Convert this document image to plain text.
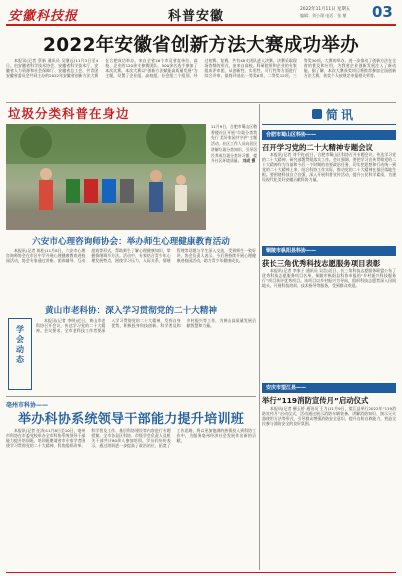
安徽科技报	科普安徽	2022年11月11日 星期五
编辑：刘小翔 电话：张 鼎 03
2022年安徽省创新方法大赛成功举办

本报讯(记者 蔡新 通讯员 吴继远)11月3日至4日，由安徽省科学技术协会、安徽省科学技术厅、安徽省人力资源和社会保障厅、安徽省总工会、共青团安徽省委员会共同主办的2022年安徽省创新方法大赛在合肥成功举办。来自全省16个市及省直单位、高校、企业的120余支参赛团队、500余名选手参加了本次比赛。本次大赛以“创新方法赋能高质量发展”为主题，设置了企业组、高校组、社会组三个组别，经过初赛、复赛，共有48支团队进入决赛。决赛采取现场答辩的形式，由来自高校、科研院所和企业的专家组成评审团，从创新性、实用性、可行性等方面进行综合评审。最终评选出一等奖6项、二等奖12项、三等奖30项。大赛的举办，进一步推动了创新方法在全省的普及和应用，为我省企业创新发展注入了新动能。据了解，本次大赛获奖项目将推荐参加全国创新方法大赛，获奖个人按规定申报相关荣誉。

垃圾分类科普在身边
11月9日，合肥市蜀山区稻香楼社区开展“垃圾分类我先行 美好家园共守护”主题活动，社区工作人员向居民讲解垃圾分类知识，引导居民养成垃圾分类好习惯，提升社区环境质量。 刘成 摄
简讯
合肥市蜀山区科协——
召开学习党的二十大精神专题会议

本报讯(记者 刘千钧)近日，合肥市蜀山区科协召开专题会议，传达学习党的二十大精神，研究部署贯彻落实工作。会议强调，要把学习宣传贯彻党的二十大精神作为当前和今后一个时期的首要政治任务，切实把思想和行动统一到党的二十大精神上来，结合科协工作实际，推动党的二十大精神在基层落地生根。要围绕科技自立自强，深入开展科普宣传活动，提升公民科学素质，为建设现代化美好安徽贡献科协力量。

铜陵市枞阳县科协——
获长三角优秀科技志愿服务项目表彰

本报讯(记者 李家子 通讯员 吴浩)近日，长三角科技志愿服务联盟公布了优秀科技志愿服务项目名单，铜陵市枞阳县科协申报的“乡村振兴科技服务行”项目获评优秀项目。该项目以乡村振兴为导向，组织科技志愿者深入田间地头，开展科技培训、技术指导等服务，受到群众欢迎。

安庆市望江县——
举行“119消防宣传月”启动仪式

本报讯(记者 檀玉桥 通讯员 王力)11月9日，望江县举行2022年“119消防宣传月”启动仪式，活动通过展示消防车辆装备、讲解消防知识、演示灭火器使用方法等形式，引导群众增强消防安全意识，提升自防自救能力，营造全民参与消防安全的良好氛围。

六安市心理咨询师协会：举办师生心理健康教育活动

本报讯(记者 陈松)11月8日，六安市心理咨询师协会在市区中学开展心理健康教育进校园活动，协会专家通过讲座、团体辅导、互动游戏等形式，帮助师生了解心理健康知识，掌握情绪调节方法。活动中，专家结合青少年心理发展特点，围绕学习压力、人际关系、情绪管理等话题与学生深入交流，受到师生一致好评。协会负责人表示，今后将持续开展心理健康进校园活动，助力青少年健康成长。

黄山市老科协：深入学习贯彻党的二十大精神
学会动态

本报讯(记者 李明)近日，黄山市老科协召开会议，传达学习党的二十大精神。会议要求，全市老科技工作者要深入学习贯彻党的二十大精神，发挥自身优势，积极投身科技创新、科学普及和乡村振兴等工作，为黄山高质量发展贡献智慧和力量。

亳州市科协——
举办科协系统领导干部能力提升培训班

本报讯(记者 任涛)11月8日至10日，亳州市科协在市委党校举办全市科协系统领导干部能力提升培训班。培训班邀请省市专家学者围绕学习贯彻党的二十大精神、科协组织改革、科学普及工作、基层科协建设等内容进行专题授课。全市各县区科协、市级学会负责人及机关干部共计80余人参加培训。学员们纷纷表示，通过培训进一步提高了政治站位，拓宽了工作思路，将以更加饱满的热情投入到科协工作中，为服务亳州经济社会发展作出新的贡献。
